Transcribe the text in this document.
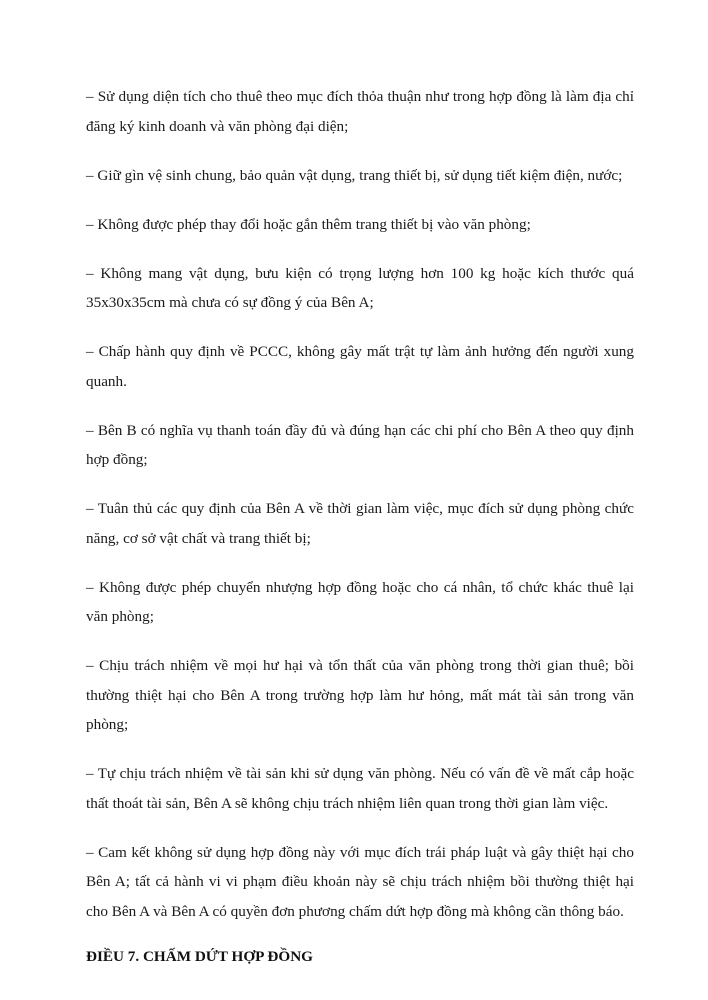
– Sử dụng diện tích cho thuê theo mục đích thỏa thuận như trong hợp đồng là làm địa chỉ đăng ký kinh doanh và văn phòng đại diện;

– Giữ gìn vệ sinh chung, bảo quản vật dụng, trang thiết bị, sử dụng tiết kiệm điện, nước;

– Không được phép thay đổi hoặc gắn thêm trang thiết bị vào văn phòng;

– Không mang vật dụng, bưu kiện có trọng lượng hơn 100 kg hoặc kích thước quá 35x30x35cm mà chưa có sự đồng ý của Bên A;

– Chấp hành quy định về PCCC, không gây mất trật tự làm ảnh hưởng đến người xung quanh.

– Bên B có nghĩa vụ thanh toán đầy đủ và đúng hạn các chi phí cho Bên A theo quy định hợp đồng;

– Tuân thủ các quy định của Bên A về thời gian làm việc, mục đích sử dụng phòng chức năng, cơ sở vật chất và trang thiết bị;

– Không được phép chuyển nhượng hợp đồng hoặc cho cá nhân, tổ chức khác thuê lại văn phòng;

– Chịu trách nhiệm về mọi hư hại và tổn thất của văn phòng trong thời gian thuê; bồi thường thiệt hại cho Bên A trong trường hợp làm hư hỏng, mất mát tài sản trong văn phòng;

– Tự chịu trách nhiệm về tài sản khi sử dụng văn phòng. Nếu có vấn đề về mất cắp hoặc thất thoát tài sản, Bên A sẽ không chịu trách nhiệm liên quan trong thời gian làm việc.

– Cam kết không sử dụng hợp đồng này với mục đích trái pháp luật và gây thiệt hại cho Bên A; tất cả hành vi vi phạm điều khoản này sẽ chịu trách nhiệm bồi thường thiệt hại cho Bên A và Bên A có quyền đơn phương chấm dứt hợp đồng mà không cần thông báo.

ĐIỀU 7. CHẤM DỨT HỢP ĐỒNG
